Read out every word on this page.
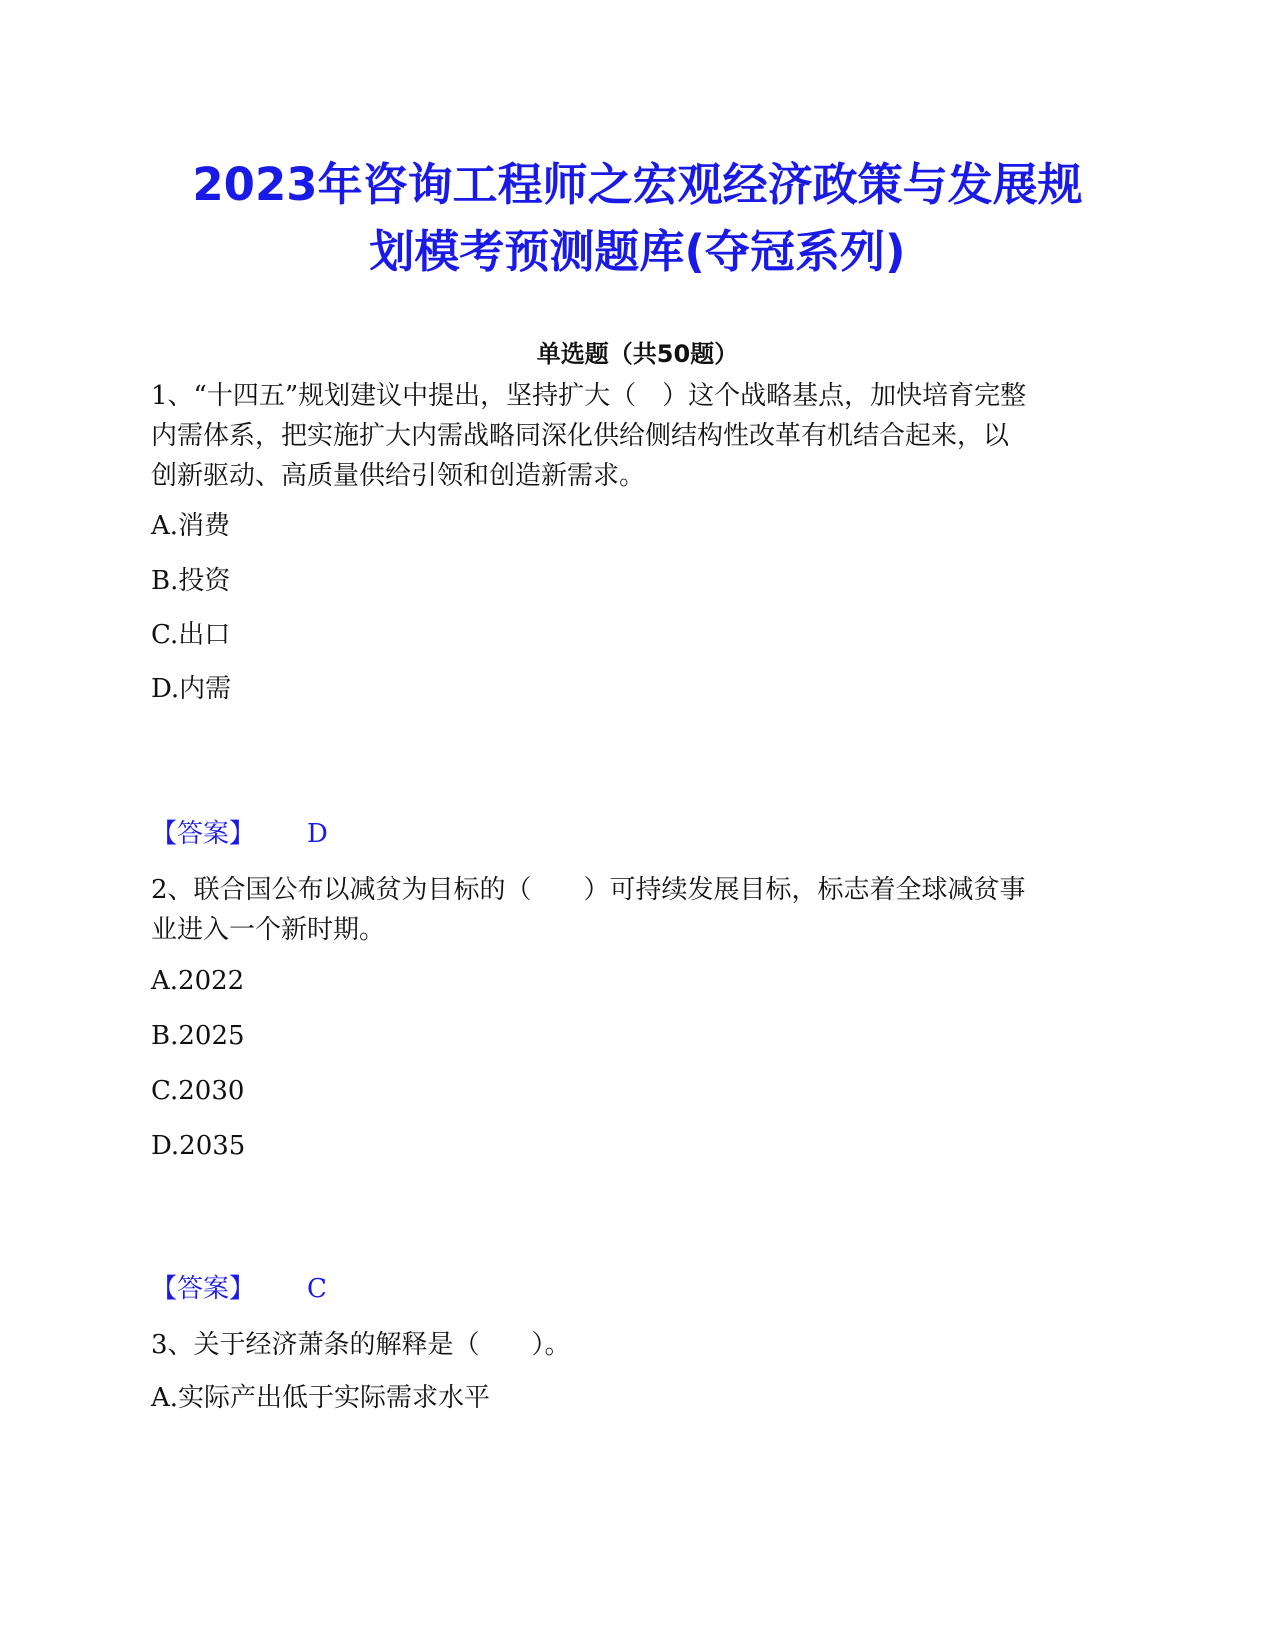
2023年咨询工程师之宏观经济政策与发展规
划模考预测题库(夺冠系列)
单选题（共50题）
1、“十四五”规划建议中提出，坚持扩大（　）这个战略基点，加快培育完整
内需体系，把实施扩大内需战略同深化供给侧结构性改革有机结合起来，以
创新驱动、高质量供给引领和创造新需求。
A.消费
B.投资
C.出口
D.内需
【答案】 D
2、联合国公布以减贫为目标的（　　）可持续发展目标，标志着全球减贫事
业进入一个新时期。
A.2022
B.2025
C.2030
D.2035
【答案】 C
3、关于经济萧条的解释是（　　）。
A.实际产出低于实际需求水平
